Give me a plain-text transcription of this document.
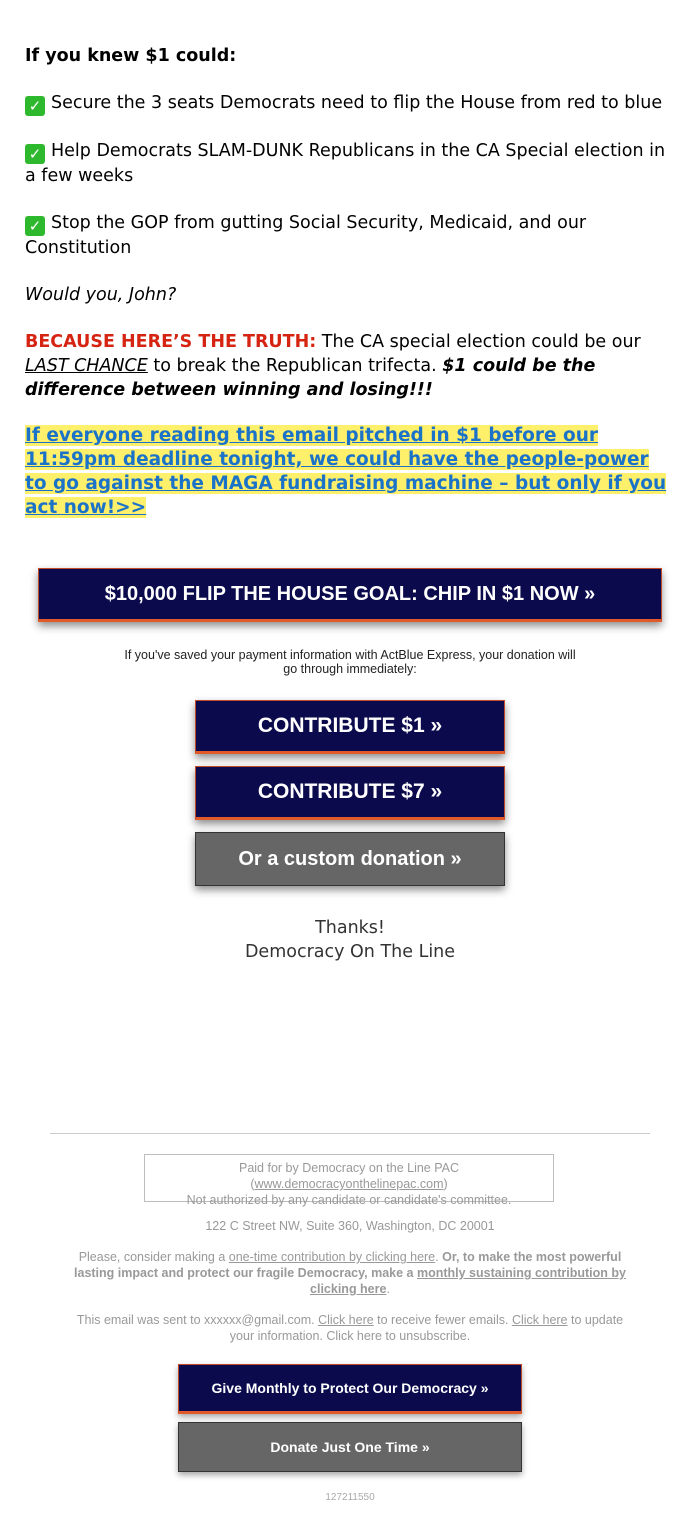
If you knew $1 could:

✓ Secure the 3 seats Democrats need to flip the House from red to blue

✓ Help Democrats SLAM-DUNK Republicans in the CA Special election in a few weeks

✓ Stop the GOP from gutting Social Security, Medicaid, and our Constitution

Would you, John?

BECAUSE HERE’S THE TRUTH: The CA special election could be our LAST CHANCE to break the Republican trifecta. $1 could be the difference between winning and losing!!!

If everyone reading this email pitched in $1 before our 11:59pm deadline tonight, we could have the people-power to go against the MAGA fundraising machine – but only if you act now!>>

$10,000 FLIP THE HOUSE GOAL: CHIP IN $1 NOW »
If you've saved your payment information with ActBlue Express, your donation will go through immediately:
CONTRIBUTE $1 »
CONTRIBUTE $7 »
Or a custom donation »
Thanks!
Democracy On The Line
Paid for by Democracy on the Line PAC
(www.democracyonthelinepac.com)
Not authorized by any candidate or candidate's committee.
122 C Street NW, Suite 360, Washington, DC 20001
Please, consider making a one-time contribution by clicking here. Or, to make the most powerful lasting impact and protect our fragile Democracy, make a monthly sustaining contribution by clicking here.
This email was sent to xxxxxx@gmail.com. Click here to receive fewer emails. Click here to update your information. Click here to unsubscribe.
Give Monthly to Protect Our Democracy »
Donate Just One Time »
127211550
